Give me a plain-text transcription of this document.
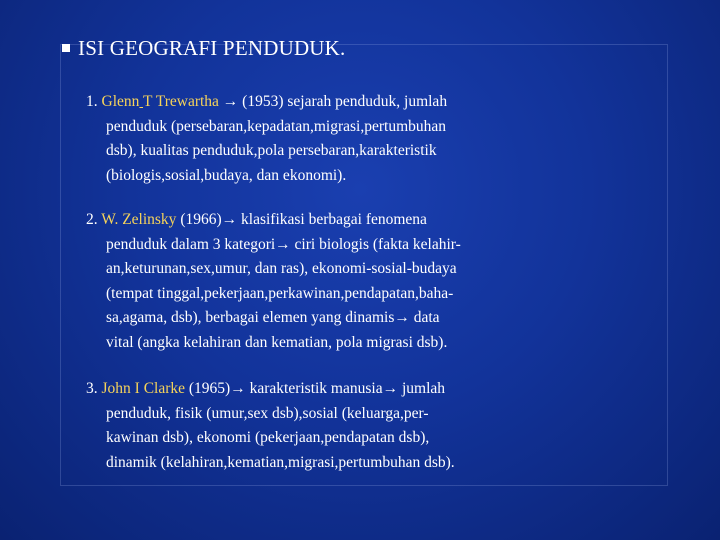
ISI GEOGRAFI PENDUDUK.
1. Glenn T Trewartha → (1953) sejarah penduduk, jumlah
penduduk (persebaran,kepadatan,migrasi,pertumbuhan
dsb), kualitas penduduk,pola persebaran,karakteristik
(biologis,sosial,budaya, dan ekonomi).
2. W. Zelinsky (1966)→ klasifikasi berbagai fenomena
penduduk dalam 3 kategori→ ciri biologis (fakta kelahir-
an,keturunan,sex,umur, dan ras), ekonomi-sosial-budaya
(tempat tinggal,pekerjaan,perkawinan,pendapatan,baha-
sa,agama, dsb), berbagai elemen yang dinamis→ data
vital (angka kelahiran dan kematian, pola migrasi dsb).
3. John I Clarke (1965)→ karakteristik manusia→ jumlah
penduduk, fisik (umur,sex dsb),sosial (keluarga,per-
kawinan dsb), ekonomi (pekerjaan,pendapatan dsb),
dinamik (kelahiran,kematian,migrasi,pertumbuhan dsb).
